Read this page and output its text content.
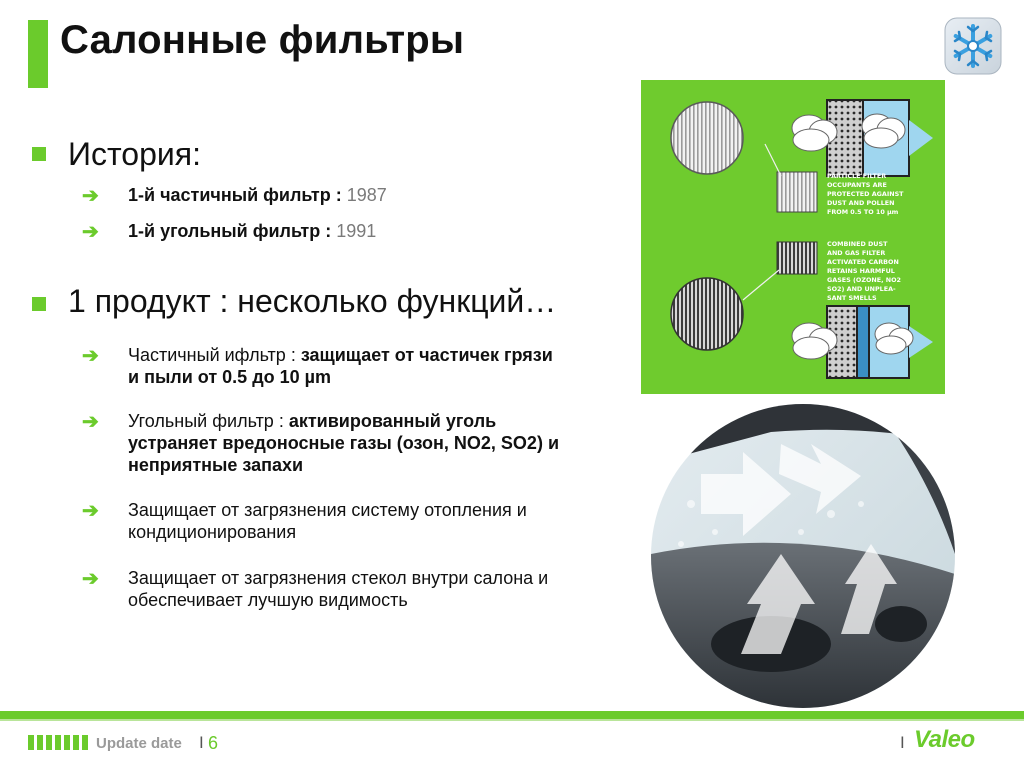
Салонные фильтры
История:
➔ 1-й частичный фильтр : 1987
➔ 1-й угольный фильтр : 1991
1 продукт : несколько функций…
➔ Частичный ифльтр : защищает от частичек грязи
и пыли от 0.5 до 10 µm
➔ Угольный фильтр : активированный уголь
устраняет вредоносные газы (озон, NO2, SO2) и
неприятные запахи
➔ Защищает от загрязнения систему отопления и
кондиционирования
➔ Защищает от загрязнения стекол внутри салона и
обеспечивает лучшую видимость
PARTICLE FILTER
OCCUPANTS ARE
PROTECTED AGAINST
DUST AND POLLEN
FROM 0.5 TO 10 µm
COMBINED DUST
AND GAS FILTER
ACTIVATED CARBON
RETAINS HARMFUL
GASES (OZONE, NO2
SO2) AND UNPLEA-
SANT SMELLS
Update date I 6	I Valeo
